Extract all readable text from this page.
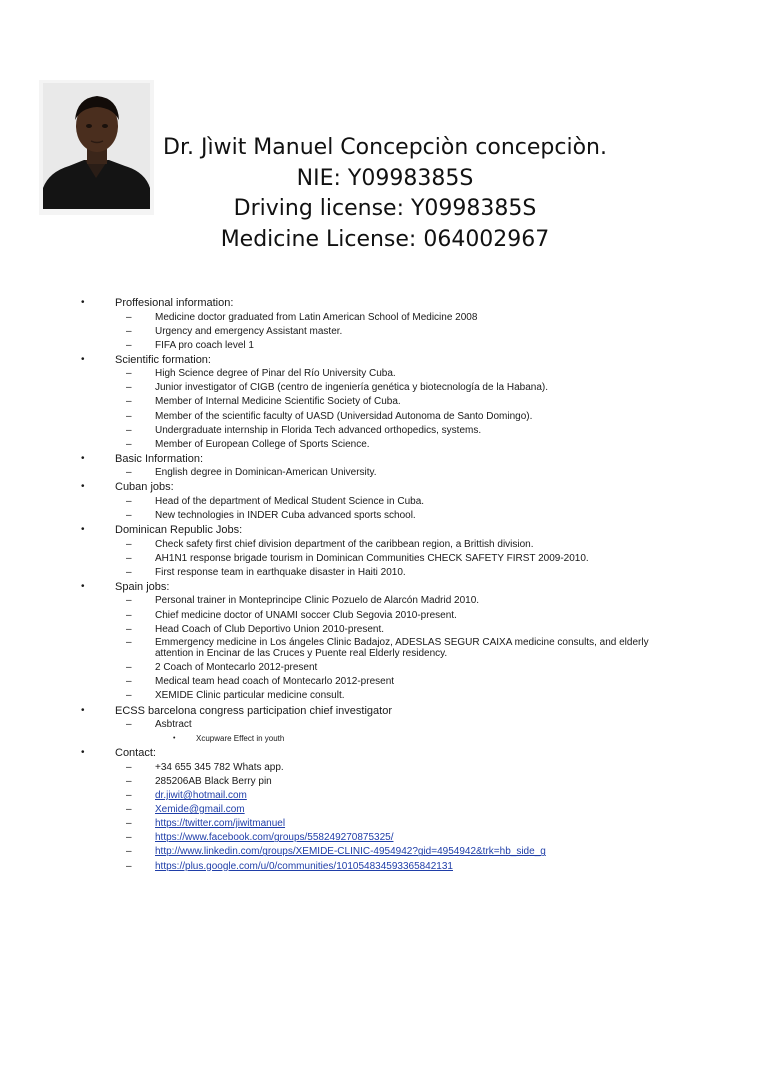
Dr. Jìwit Manuel Concepciòn concepciòn.
NIE: Y0998385S
Driving license: Y0998385S
Medicine License: 064002967
•	Proffesional information:
– Medicine doctor graduated from Latin American School of Medicine 2008
– Urgency and emergency Assistant master.
– FIFA pro coach level 1
•	Scientific formation:
– High Science degree of Pinar del Río University Cuba.
– Junior investigator of CIGB (centro de ingeniería genética y biotecnología de la Habana).
– Member of Internal Medicine Scientific Society of Cuba.
– Member of the scientific faculty of UASD (Universidad Autonoma de Santo Domingo).
– Undergraduate internship in Florida Tech advanced orthopedics, systems.
– Member of European College of Sports Science.
•	Basic Information:
– English degree in Dominican-American University.
•	Cuban jobs:
– Head of the department of Medical Student Science in Cuba.
– New technologies in INDER Cuba advanced sports school.
•	Dominican Republic Jobs:
– Check safety first chief division department of the caribbean region, a Brittish division.
– AH1N1 response brigade tourism in Dominican Communities CHECK SAFETY FIRST 2009-2010.
– First response team in earthquake disaster in Haiti 2010.
•	Spain jobs:
– Personal trainer in Monteprincipe Clinic Pozuelo de Alarcón Madrid 2010.
– Chief medicine doctor of UNAMI soccer Club Segovia 2010-present.
– Head Coach of Club Deportivo Union 2010-present.
– Emmergency medicine in Los ángeles Clinic Badajoz, ADESLAS SEGUR CAIXA medicine consults, and elderly attention in Encinar de las Cruces y Puente real Elderly residency.
– 2 Coach of Montecarlo 2012-present
– Medical team head coach of Montecarlo 2012-present
– XEMIDE Clinic particular medicine consult.
•	ECSS barcelona congress participation chief investigator
– Asbtract
•	Xcupware Effect in youth
•	Contact:
– +34 655 345 782 Whats app.
– 285206AB Black Berry pin
– dr.jiwit@hotmail.com
– Xemide@gmail.com
– https://twitter.com/jiwitmanuel
– https://www.facebook.com/groups/558249270875325/
– http://www.linkedin.com/groups/XEMIDE-CLINIC-4954942?gid=4954942&trk=hb_side_g
– https://plus.google.com/u/0/communities/101054834593365842131
